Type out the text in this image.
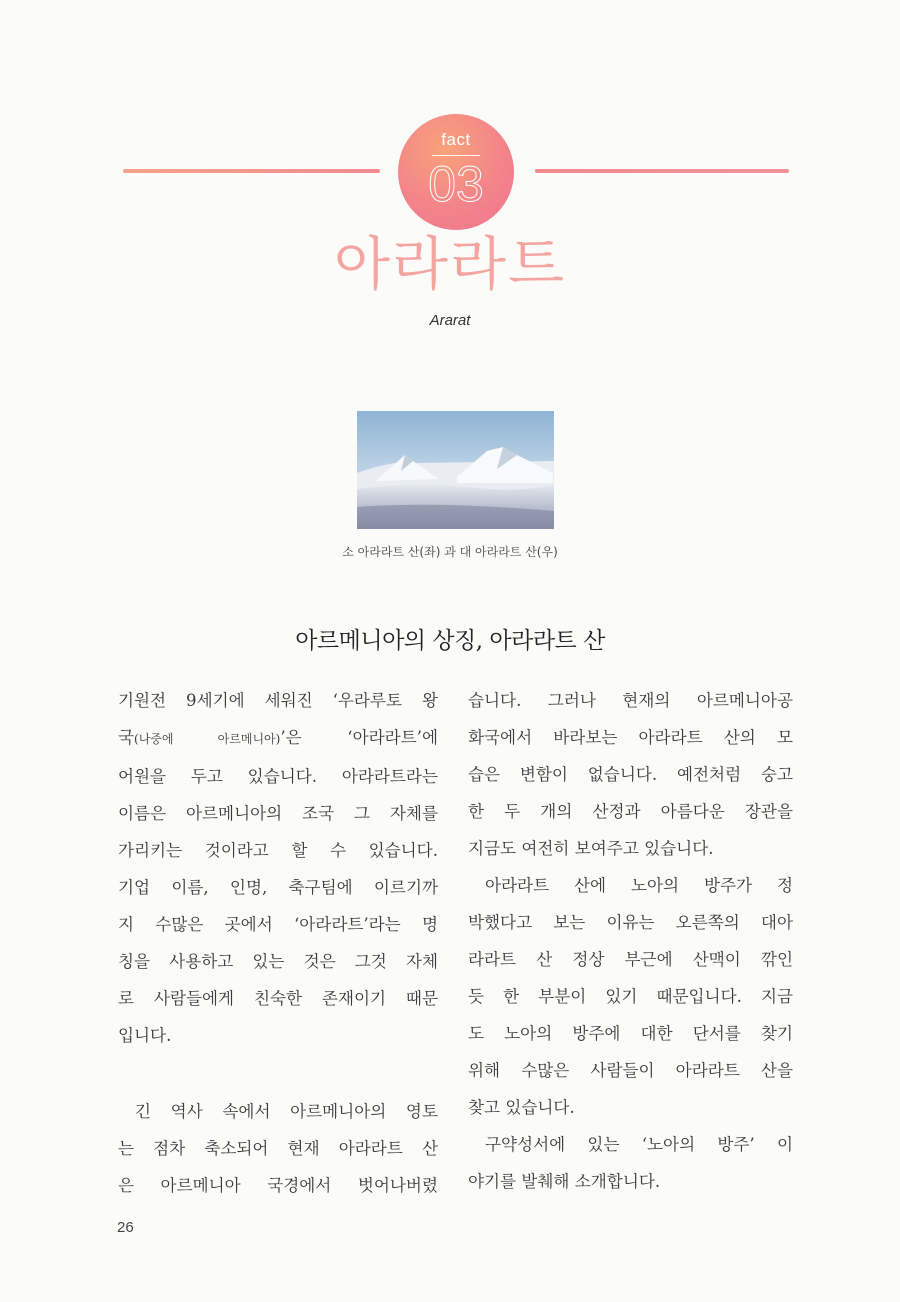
fact
03
아라라트
Ararat
소 아라라트 산(좌) 과 대 아라라트 산(우)
아르메니아의 상징, 아라라트 산
기원전 9세기에 세워진 ‘우라루토 왕
국(나중에 아르메니아)’은 ‘아라라트’에
어원을 두고 있습니다. 아라라트라는
이름은 아르메니아의 조국 그 자체를
가리키는 것이라고 할 수 있습니다.
기업 이름, 인명, 축구팀에 이르기까
지 수많은 곳에서 ‘아라라트’라는 명
칭을 사용하고 있는 것은 그것 자체
로 사람들에게 친숙한 존재이기 때문
입니다.
긴 역사 속에서 아르메니아의 영토
는 점차 축소되어 현재 아라라트 산
은 아르메니아 국경에서 벗어나버렸
습니다. 그러나 현재의 아르메니아공
화국에서 바라보는 아라라트 산의 모
습은 변함이 없습니다. 예전처럼 숭고
한 두 개의 산정과 아름다운 장관을
지금도 여전히 보여주고 있습니다.
아라라트 산에 노아의 방주가 정
박했다고 보는 이유는 오른쪽의 대아
라라트 산 정상 부근에 산맥이 깎인
듯 한 부분이 있기 때문입니다. 지금
도 노아의 방주에 대한 단서를 찾기
위해 수많은 사람들이 아라라트 산을
찾고 있습니다.
구약성서에 있는 ‘노아의 방주’ 이
야기를 발췌해 소개합니다.
26
